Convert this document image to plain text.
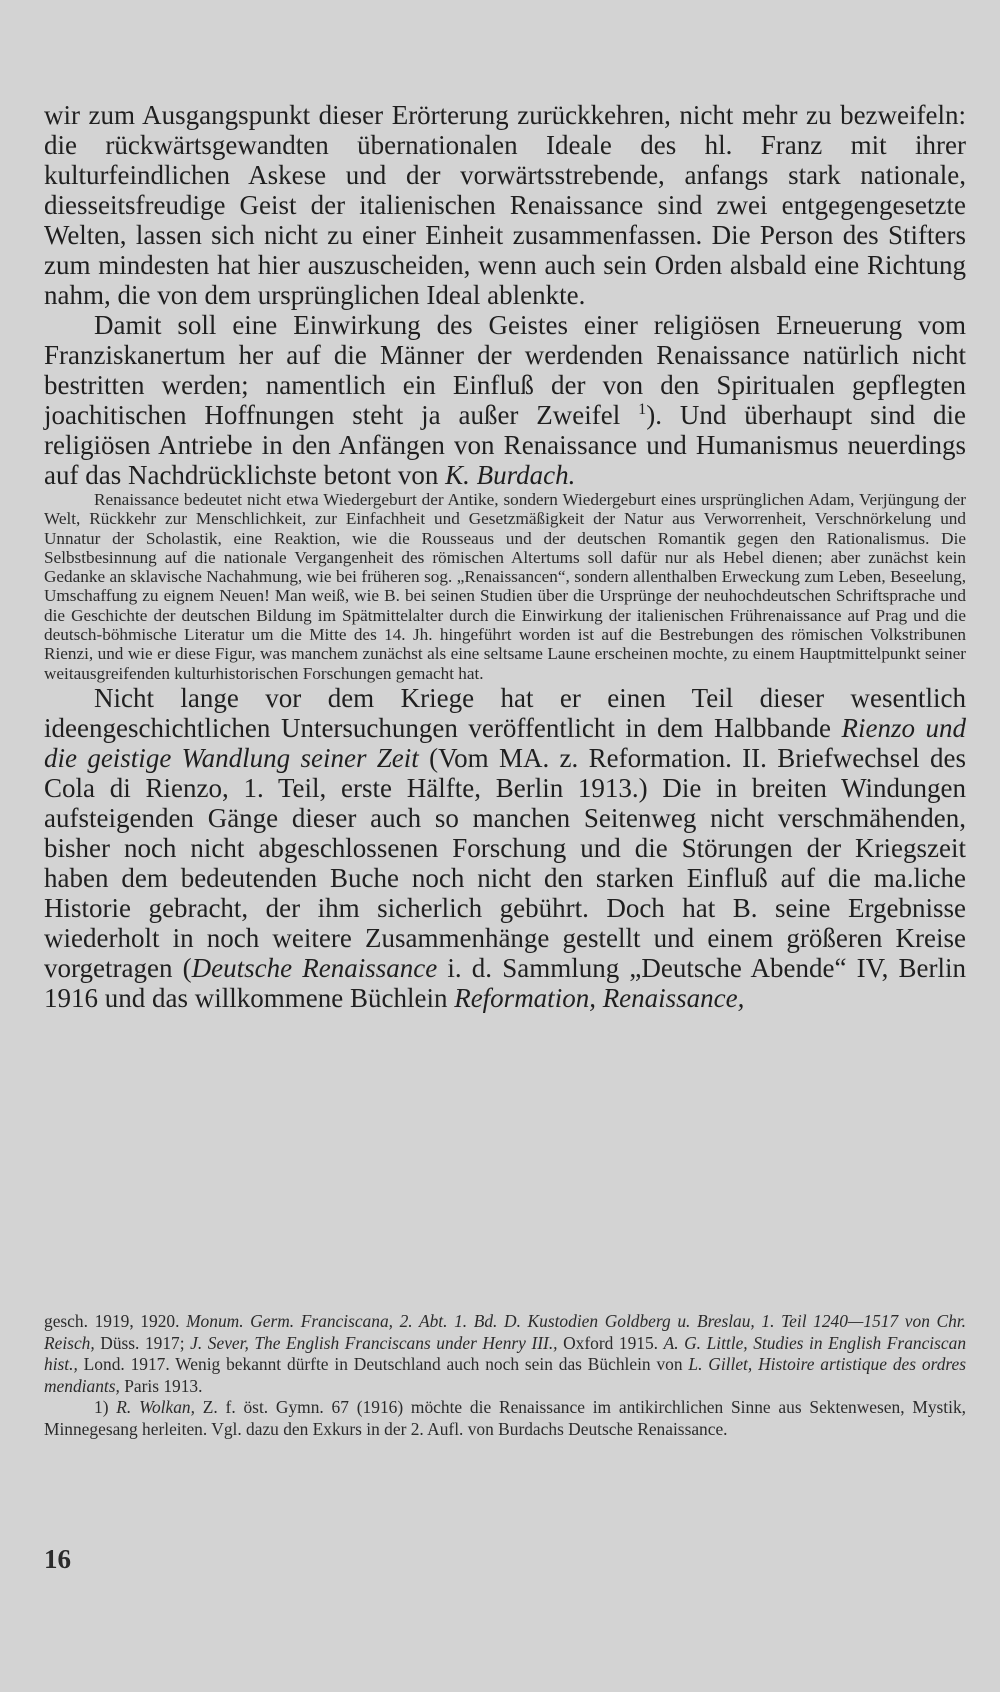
wir zum Ausgangspunkt dieser Erörterung zurückkehren, nicht mehr zu bezweifeln: die rückwärtsgewandten übernationalen Ideale des hl. Franz mit ihrer kulturfeindlichen Askese und der vorwärtsstrebende, anfangs stark nationale, diesseitsfreudige Geist der italienischen Renaissance sind zwei entgegengesetzte Welten, lassen sich nicht zu einer Einheit zusammenfassen. Die Person des Stifters zum mindesten hat hier auszuscheiden, wenn auch sein Orden alsbald eine Richtung nahm, die von dem ursprünglichen Ideal ablenkte.

Damit soll eine Einwirkung des Geistes einer religiösen Erneuerung vom Franziskanertum her auf die Männer der werdenden Renaissance natürlich nicht bestritten werden; namentlich ein Einfluß der von den Spiritualen gepflegten joachitischen Hoffnungen steht ja außer Zweifel $^1$). Und überhaupt sind die religiösen Antriebe in den Anfängen von Renaissance und Humanismus neuerdings auf das Nachdrücklichste betont von K. Burdach.

Renaissance bedeutet nicht etwa Wiedergeburt der Antike, sondern Wiedergeburt eines ursprünglichen Adam, Verjüngung der Welt, Rückkehr zur Menschlichkeit, zur Einfachheit und Gesetzmäßigkeit der Natur aus Verworrenheit, Verschnörkelung und Unnatur der Scholastik, eine Reaktion, wie die Rousseaus und der deutschen Romantik gegen den Rationalismus. Die Selbstbesinnung auf die nationale Vergangenheit des römischen Altertums soll dafür nur als Hebel dienen; aber zunächst kein Gedanke an sklavische Nachahmung, wie bei früheren sog. „Renaissancen“, sondern allenthalben Erweckung zum Leben, Beseelung, Umschaffung zu eignem Neuen! Man weiß, wie B. bei seinen Studien über die Ursprünge der neuhochdeutschen Schriftsprache und die Geschichte der deutschen Bildung im Spätmittelalter durch die Einwirkung der italienischen Frührenaissance auf Prag und die deutsch-böhmische Literatur um die Mitte des 14. Jh. hingeführt worden ist auf die Bestrebungen des römischen Volkstribunen Rienzi, und wie er diese Figur, was manchem zunächst als eine seltsame Laune erscheinen mochte, zu einem Hauptmittelpunkt seiner weitausgreifenden kulturhistorischen Forschungen gemacht hat.

Nicht lange vor dem Kriege hat er einen Teil dieser wesentlich ideengeschichtlichen Untersuchungen veröffentlicht in dem Halbbande Rienzo und die geistige Wandlung seiner Zeit (Vom MA. z. Reformation. II. Briefwechsel des Cola di Rienzo, 1. Teil, erste Hälfte, Berlin 1913.) Die in breiten Windungen aufsteigenden Gänge dieser auch so manchen Seitenweg nicht verschmähenden, bisher noch nicht abgeschlossenen Forschung und die Störungen der Kriegszeit haben dem bedeutenden Buche noch nicht den starken Einfluß auf die ma.liche Historie gebracht, der ihm sicherlich gebührt. Doch hat B. seine Ergebnisse wiederholt in noch weitere Zusammenhänge gestellt und einem größeren Kreise vorgetragen (Deutsche Renaissance i. d. Sammlung „Deutsche Abende“ IV, Berlin 1916 und das willkommene Büchlein Reformation, Renaissance,

gesch. 1919, 1920. Monum. Germ. Franciscana, 2. Abt. 1. Bd. D. Kustodien Goldberg u. Breslau, 1. Teil 1240—1517 von Chr. Reisch, Düss. 1917; J. Sever, The English Franciscans under Henry III., Oxford 1915. A. G. Little, Studies in English Franciscan hist., Lond. 1917. Wenig bekannt dürfte in Deutschland auch noch sein das Büchlein von L. Gillet, Histoire artistique des ordres mendiants, Paris 1913.

1) R. Wolkan, Z. f. öst. Gymn. 67 (1916) möchte die Renaissance im antikirchlichen Sinne aus Sektenwesen, Mystik, Minnegesang herleiten. Vgl. dazu den Exkurs in der 2. Aufl. von Burdachs Deutsche Renaissance.

16
